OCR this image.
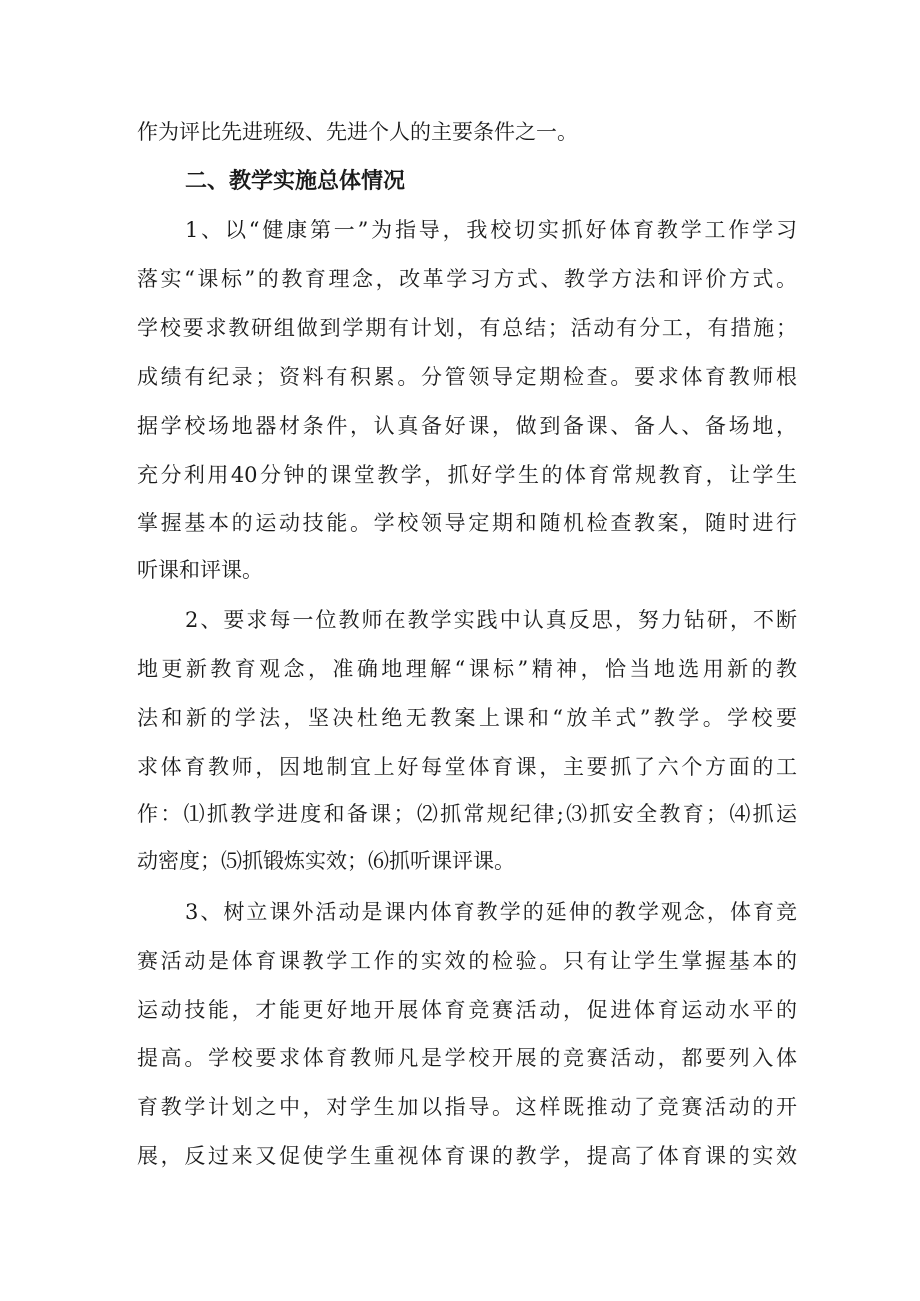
作为评比先进班级、先进个人的主要条件之一。
二、教学实施总体情况
1、以“健康第一”为指导，我校切实抓好体育教学工作学习
落实“课标”的教育理念，改革学习方式、教学方法和评价方式。
学校要求教研组做到学期有计划，有总结；活动有分工，有措施；
成绩有纪录；资料有积累。分管领导定期检查。要求体育教师根
据学校场地器材条件，认真备好课，做到备课、备人、备场地，
充分利用40分钟的课堂教学，抓好学生的体育常规教育，让学生
掌握基本的运动技能。学校领导定期和随机检查教案，随时进行
听课和评课。
2、要求每一位教师在教学实践中认真反思，努力钻研，不断
地更新教育观念，准确地理解“课标”精神，恰当地选用新的教
法和新的学法，坚决杜绝无教案上课和“放羊式”教学。学校要
求体育教师，因地制宜上好每堂体育课，主要抓了六个方面的工
作：⑴抓教学进度和备课；⑵抓常规纪律;⑶抓安全教育；⑷抓运
动密度；⑸抓锻炼实效；⑹抓听课评课。
3、树立课外活动是课内体育教学的延伸的教学观念，体育竞
赛活动是体育课教学工作的实效的检验。只有让学生掌握基本的
运动技能，才能更好地开展体育竞赛活动，促进体育运动水平的
提高。学校要求体育教师凡是学校开展的竞赛活动，都要列入体
育教学计划之中，对学生加以指导。这样既推动了竞赛活动的开
展，反过来又促使学生重视体育课的教学，提高了体育课的实效
